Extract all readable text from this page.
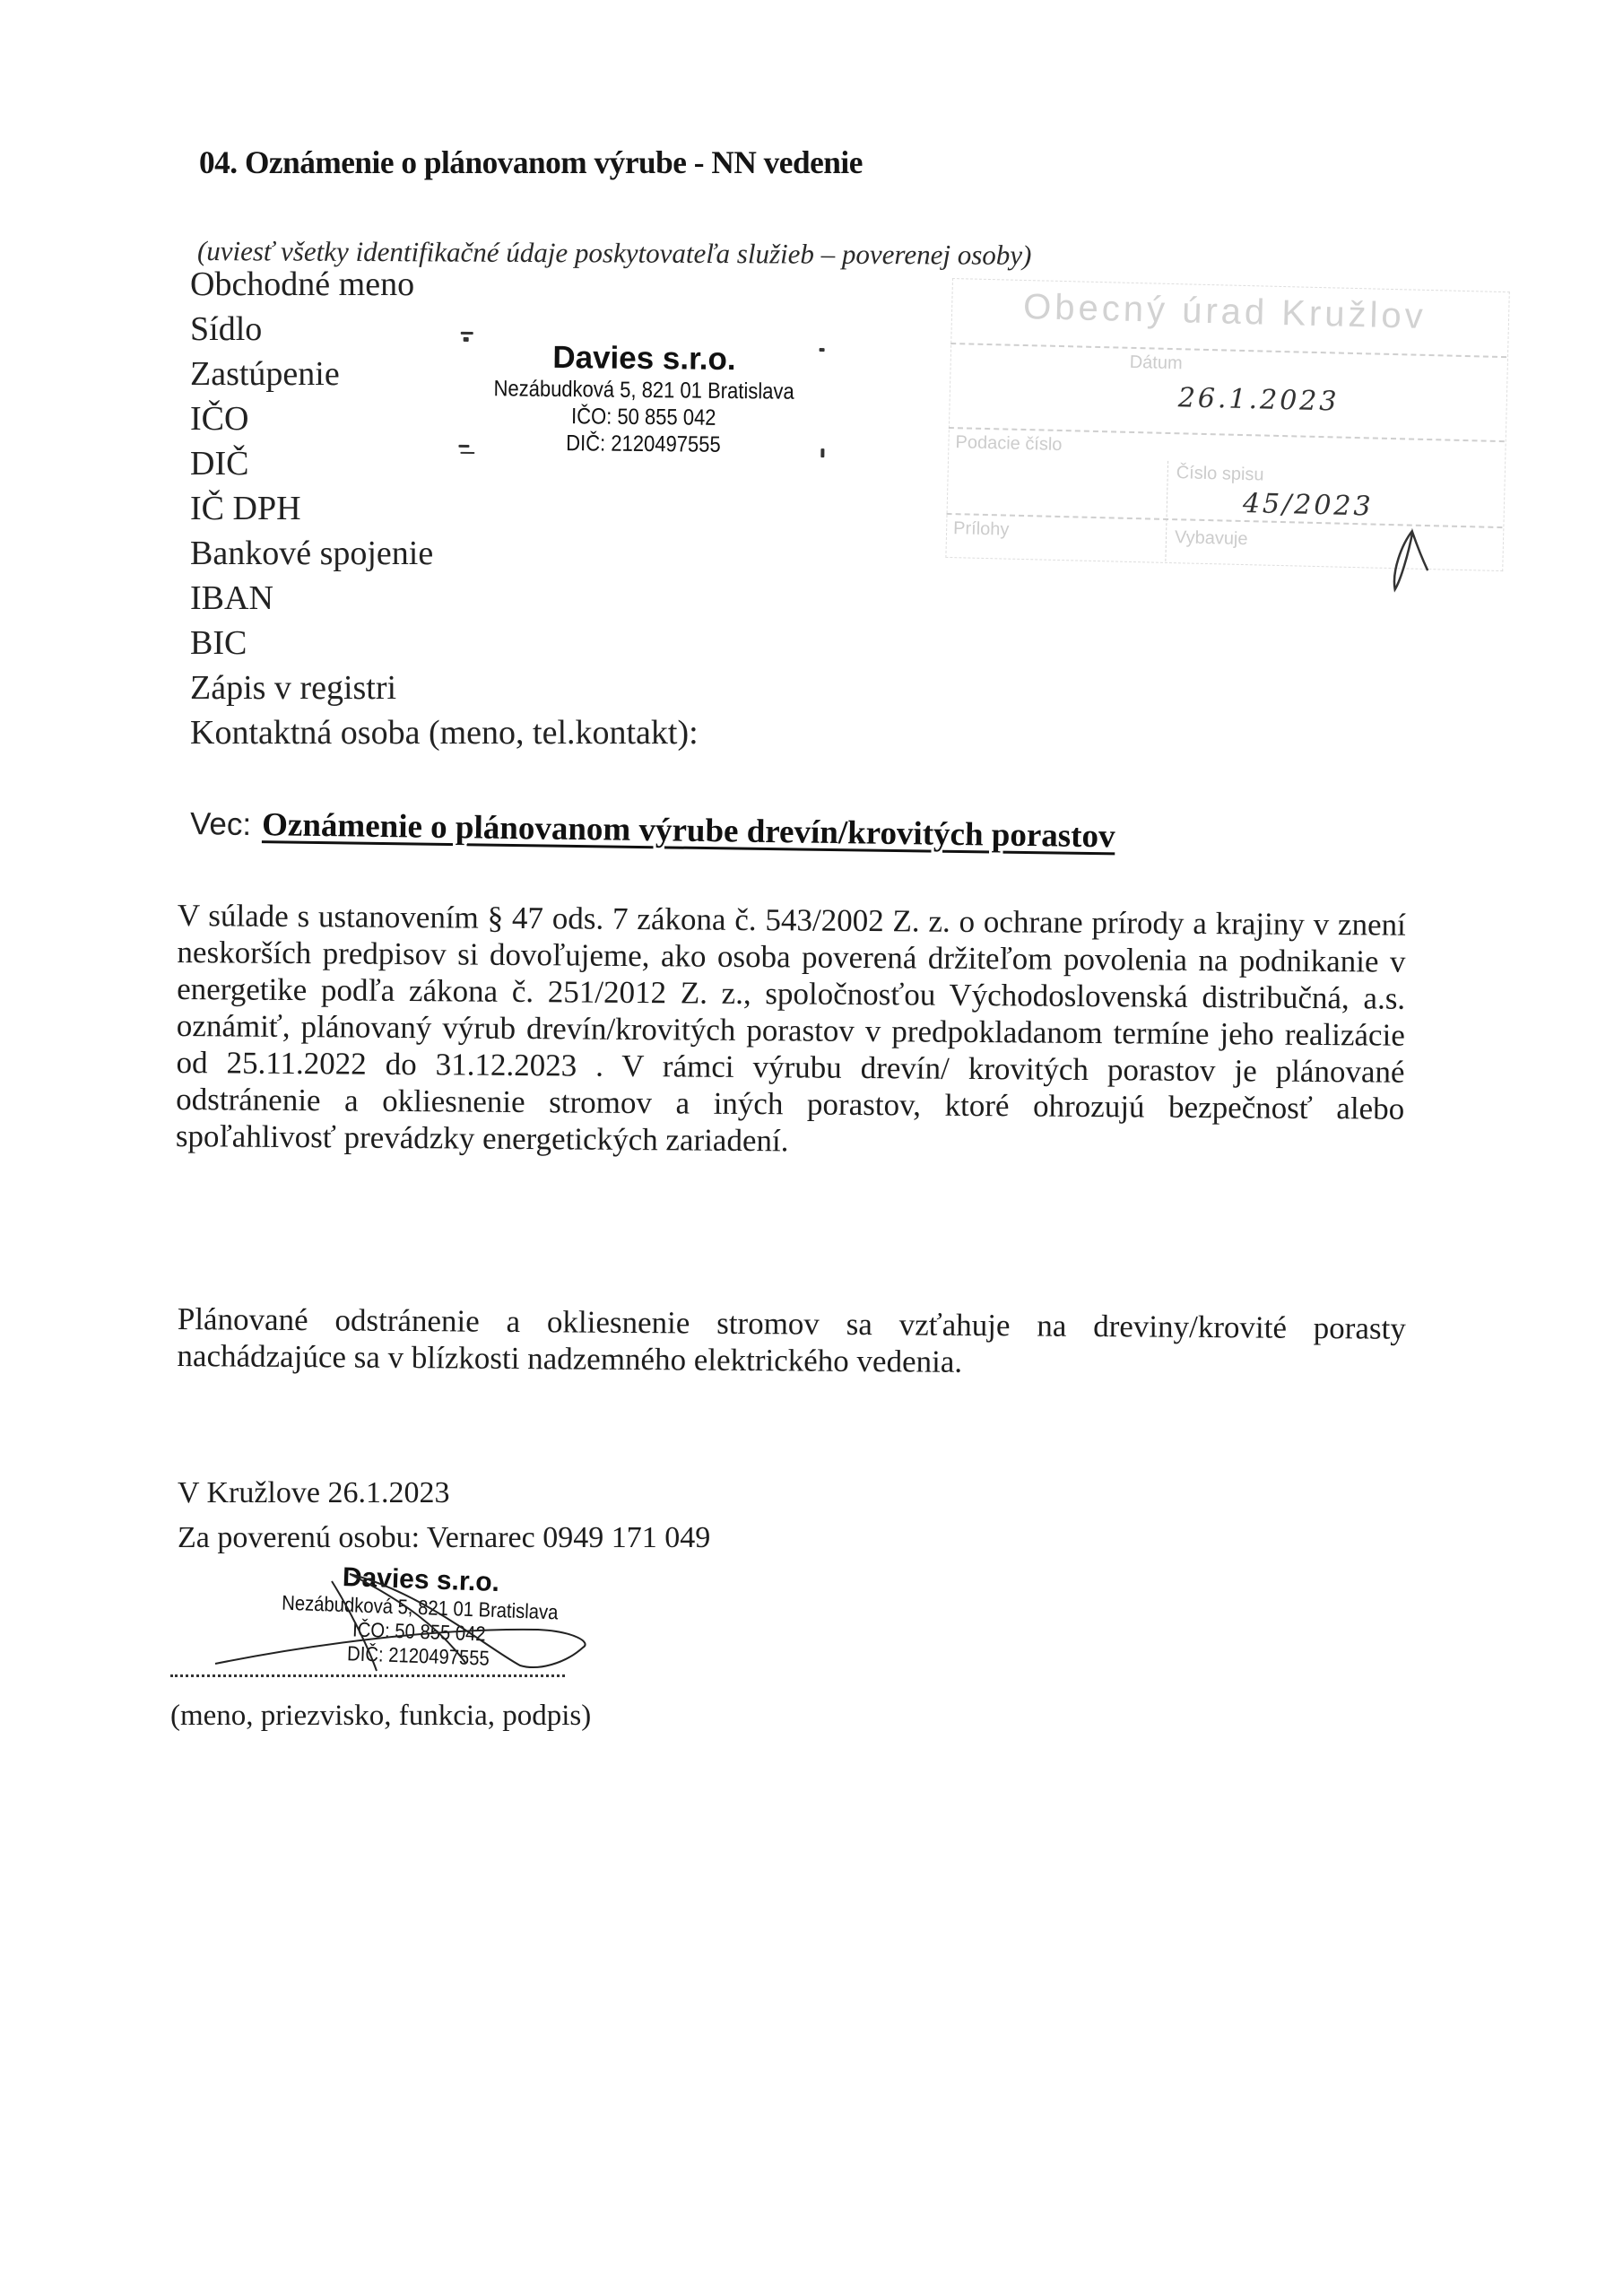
04. Oznámenie o plánovanom výrube - NN vedenie
(uviesť všetky identifikačné údaje poskytovateľa služieb – poverenej osoby)
Obchodné meno
Sídlo
Zastúpenie
IČO
DIČ
IČ DPH
Bankové spojenie
IBAN
BIC
Zápis v registri
Kontaktná osoba (meno, tel.kontakt):
Davies s.r.o.
Nezábudková 5, 821 01 Bratislava
IČO: 50 855 042
DIČ: 2120497555
Obecný úrad Kružlov
Dátum
26.1.2023
Podacie číslo
Číslo spisu
45/2023
Prílohy	Vybavuje
Vec: Oznámenie o plánovanom výrube drevín/krovitých porastov
V súlade s ustanovením § 47 ods. 7 zákona č. 543/2002 Z. z. o ochrane prírody a krajiny v znení neskorších predpisov si dovoľujeme, ako osoba poverená držiteľom povolenia na podnikanie v energetike podľa zákona č. 251/2012 Z. z., spoločnosťou Východoslovenská distribučná, a.s. oznámiť, plánovaný výrub drevín/krovitých porastov v predpokladanom termíne jeho realizácie od 25.11.2022 do 31.12.2023 . V rámci výrubu drevín/ krovitých porastov je plánované odstránenie a okliesnenie stromov a iných porastov, ktoré ohrozujú bezpečnosť alebo spoľahlivosť prevádzky energetických zariadení.
Plánované odstránenie a okliesnenie stromov sa vzťahuje na dreviny/krovité porasty nachádzajúce sa v blízkosti nadzemného elektrického vedenia.
V Kružlove 26.1.2023
Za poverenú osobu: Vernarec 0949 171 049
Davies s.r.o.
Nezábudková 5, 821 01 Bratislava
IČO: 50 855 042
DIČ: 2120497555
(meno, priezvisko, funkcia, podpis)
